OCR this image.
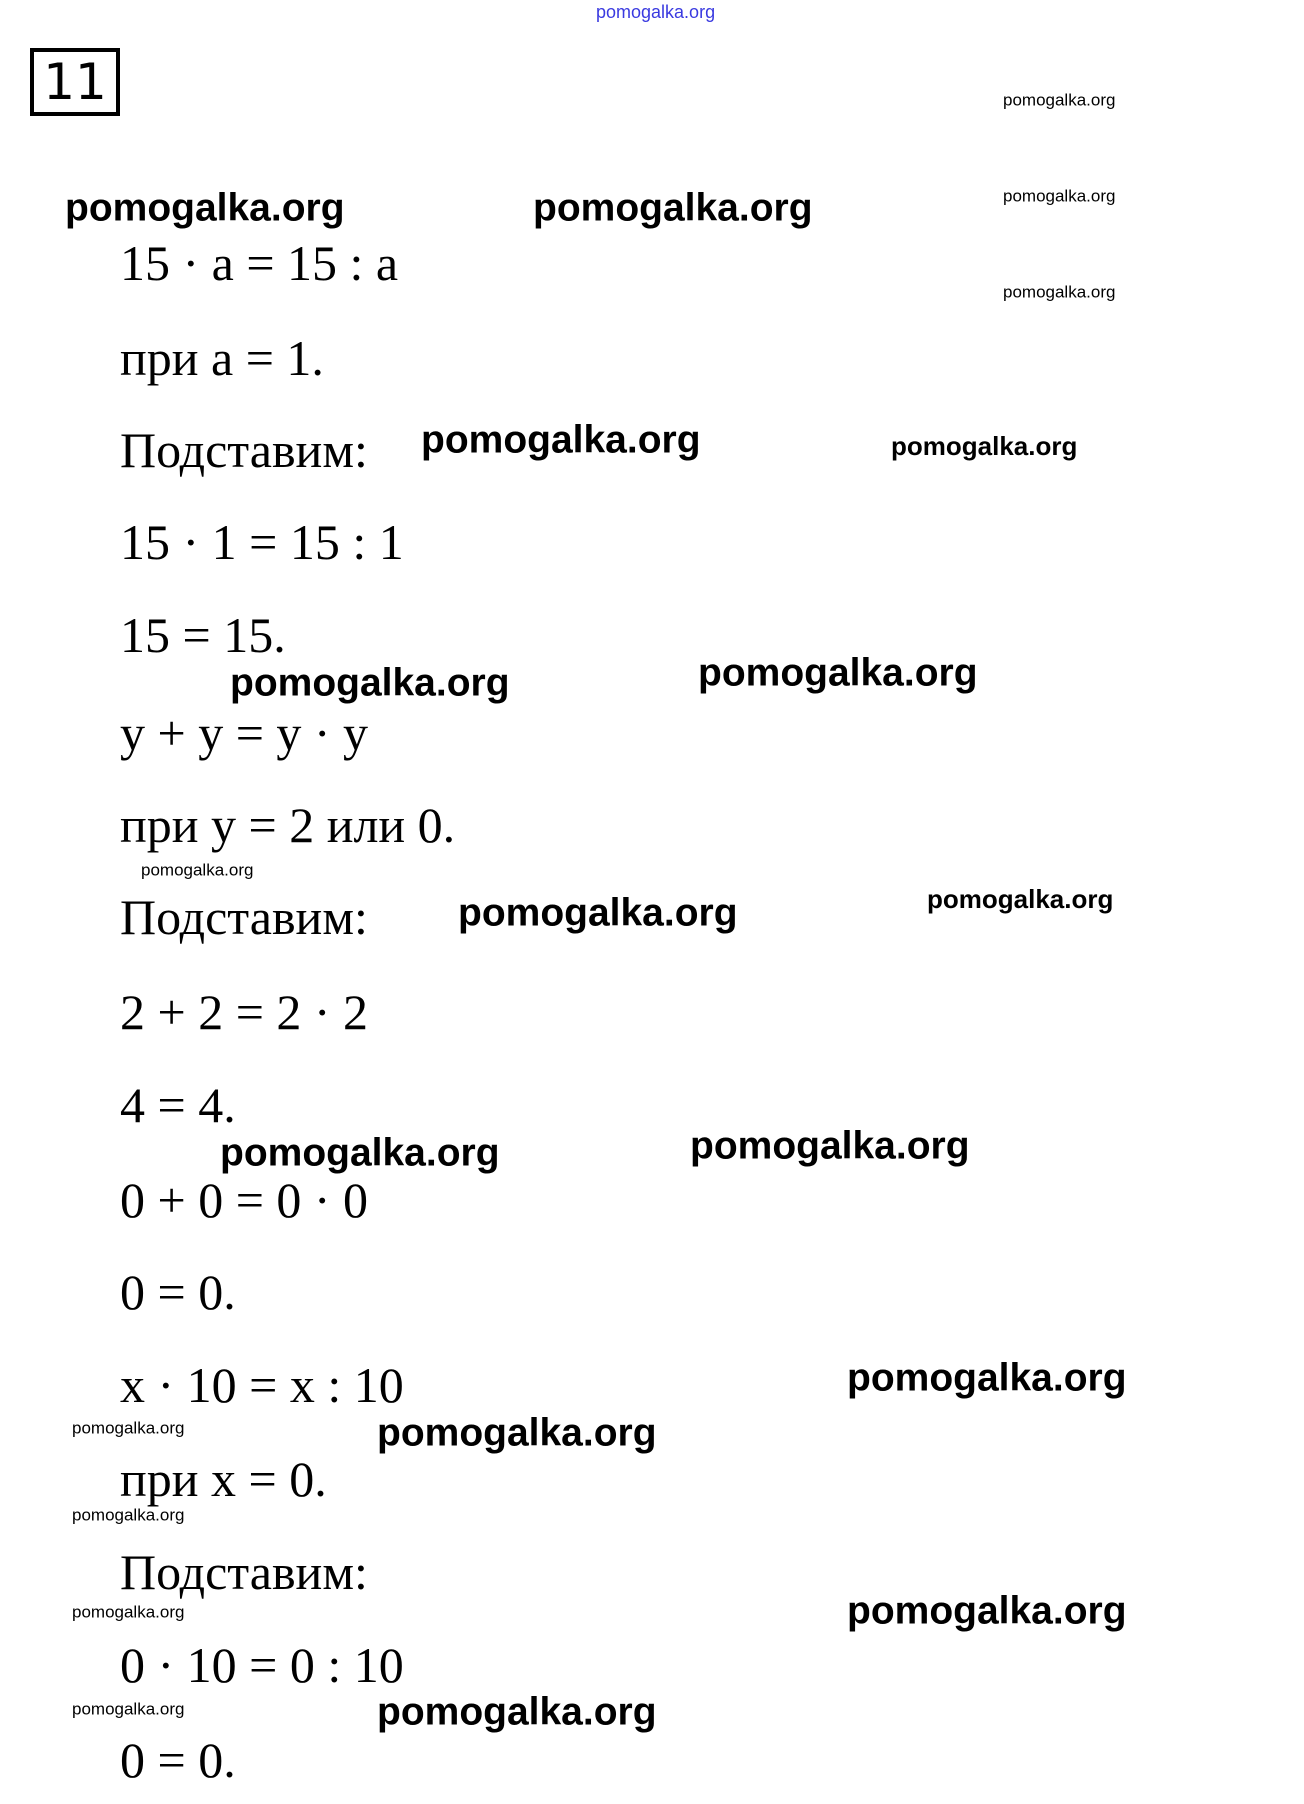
pomogalka.org
11	pomogalka.org
pomogalka.org
pomogalka.org
15 · a = 15 : a
при a = 1.
Подставим:
15 · 1 = 15 : 1
15 = 15.
y + y = y · y
при y = 2 или 0.
Подставим:
2 + 2 = 2 · 2
4 = 4.
0 + 0 = 0 · 0
0 = 0.
x · 10 = x : 10
при x = 0.
Подставим:
0 · 10 = 0 : 10
0 = 0.
pomogalka.org	pomogalka.org
pomogalka.org	pomogalka.org
pomogalka.org	pomogalka.org
pomogalka.org
pomogalka.org
pomogalka.org
pomogalka.org	pomogalka.org
pomogalka.org
pomogalka.org	pomogalka.org
pomogalka.org
pomogalka.org
pomogalka.org
pomogalka.org
pomogalka.org
